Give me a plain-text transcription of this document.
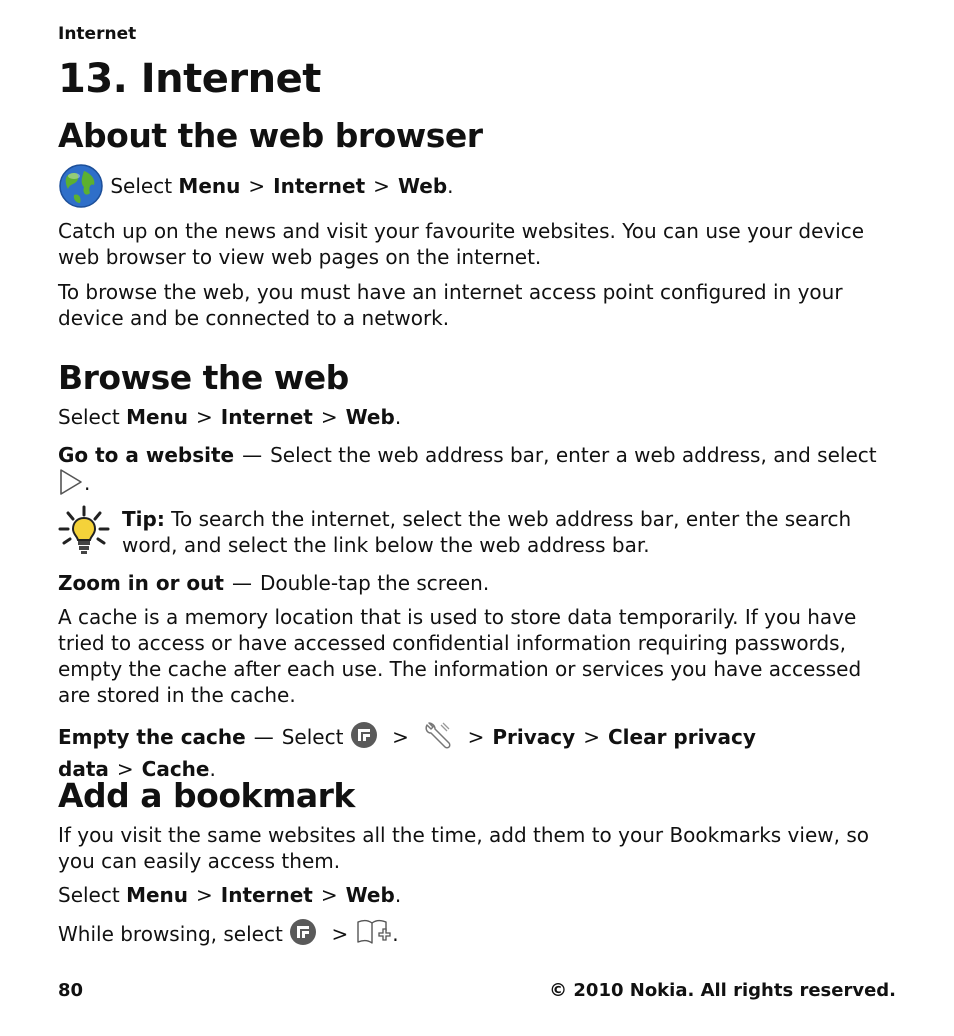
Internet
13. Internet
About the web browser
Select Menu > Internet > Web.

Catch up on the news and visit your favourite websites. You can use your device web browser to view web pages on the internet.

To browse the web, you must have an internet access point configured in your device and be connected to a network.

Browse the web
Select Menu > Internet > Web.
Go to a website — Select the web address bar, enter a web address, and select
.
Tip: To search the internet, select the web address bar, enter the search word, and select the link below the web address bar.
Zoom in or out — Double-tap the screen.

A cache is a memory location that is used to store data temporarily. If you have tried to access or have accessed confidential information requiring passwords, empty the cache after each use. The information or services you have accessed are stored in the cache.

Empty the cache — Select >	> Privacy > Clear privacy data > Cache.
Add a bookmark

If you visit the same websites all the time, add them to your Bookmarks view, so you can easily access them.

Select Menu > Internet > Web.
While browsing, select > .
80	© 2010 Nokia. All rights reserved.
